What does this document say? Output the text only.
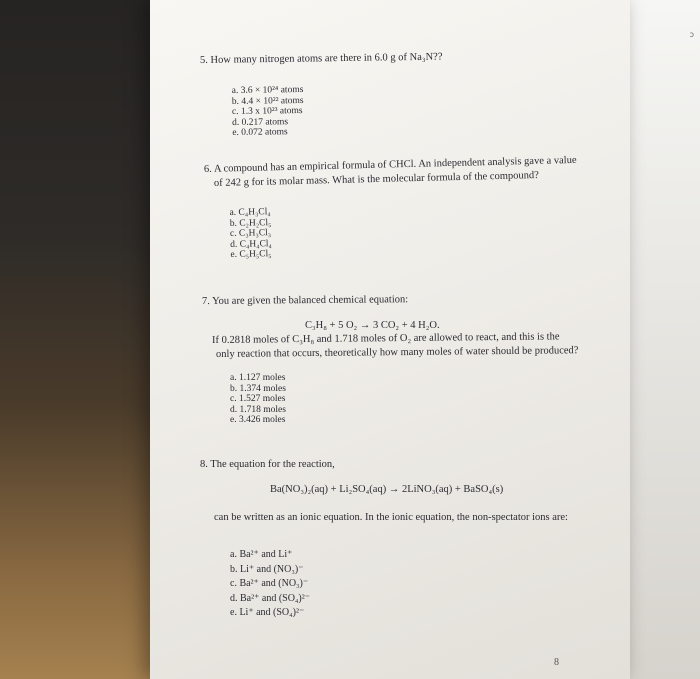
ↄ
5. How many nitrogen atoms are there in 6.0 g of Na₃N??
a. 3.6 × 10²⁴ atoms
b. 4.4 × 10²² atoms
c. 1.3 x 10²³ atoms
d. 0.217 atoms
e. 0.072 atoms
6. A compound has an empirical formula of CHCl. An independent analysis gave a value
of 242 g for its molar mass. What is the molecular formula of the compound?
a. C₄H₃Cl₄
b. C₂H₂Cl₅
c. C₃H₃Cl₃
d. C₄H₄Cl₄
e. C₅H₅Cl₅
7. You are given the balanced chemical equation:
C₃H₈ + 5 O₂ → 3 CO₂ + 4 H₂O.
If 0.2818 moles of C₃H₈ and 1.718 moles of O₂ are allowed to react, and this is the
only reaction that occurs, theoretically how many moles of water should be produced?
a. 1.127 moles
b. 1.374 moles
c. 1.527 moles
d. 1.718 moles
e. 3.426 moles
8. The equation for the reaction,
Ba(NO₃)₂(aq) + Li₂SO₄(aq) → 2LiNO₃(aq) + BaSO₄(s)
can be written as an ionic equation. In the ionic equation, the non-spectator ions are:
a. Ba²⁺ and Li⁺
b. Li⁺ and (NO₃)⁻
c. Ba²⁺ and (NO₃)⁻
d. Ba²⁺ and (SO₄)²⁻
e. Li⁺ and (SO₄)²⁻
8
